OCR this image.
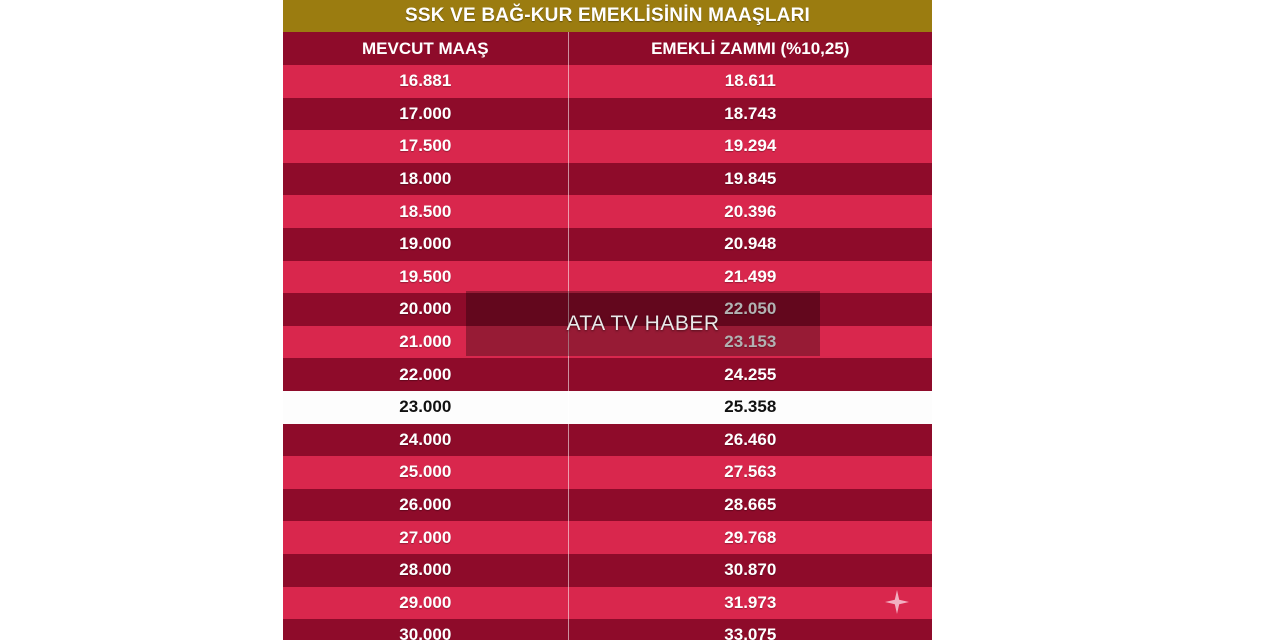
SSK VE BAĞ-KUR EMEKLİSİNİN MAAŞLARI
MEVCUT MAAŞ	EMEKLİ ZAMMI (%10,25)
16.881	18.611
17.000	18.743
17.500	19.294
18.000	19.845
18.500	20.396
19.000	20.948
19.500	21.499
20.000	22.050
21.000	23.153
22.000	24.255
23.000	25.358
24.000	26.460
25.000	27.563
26.000	28.665
27.000	29.768
28.000	30.870
29.000	31.973
30.000	33.075
ATA TV HABER
